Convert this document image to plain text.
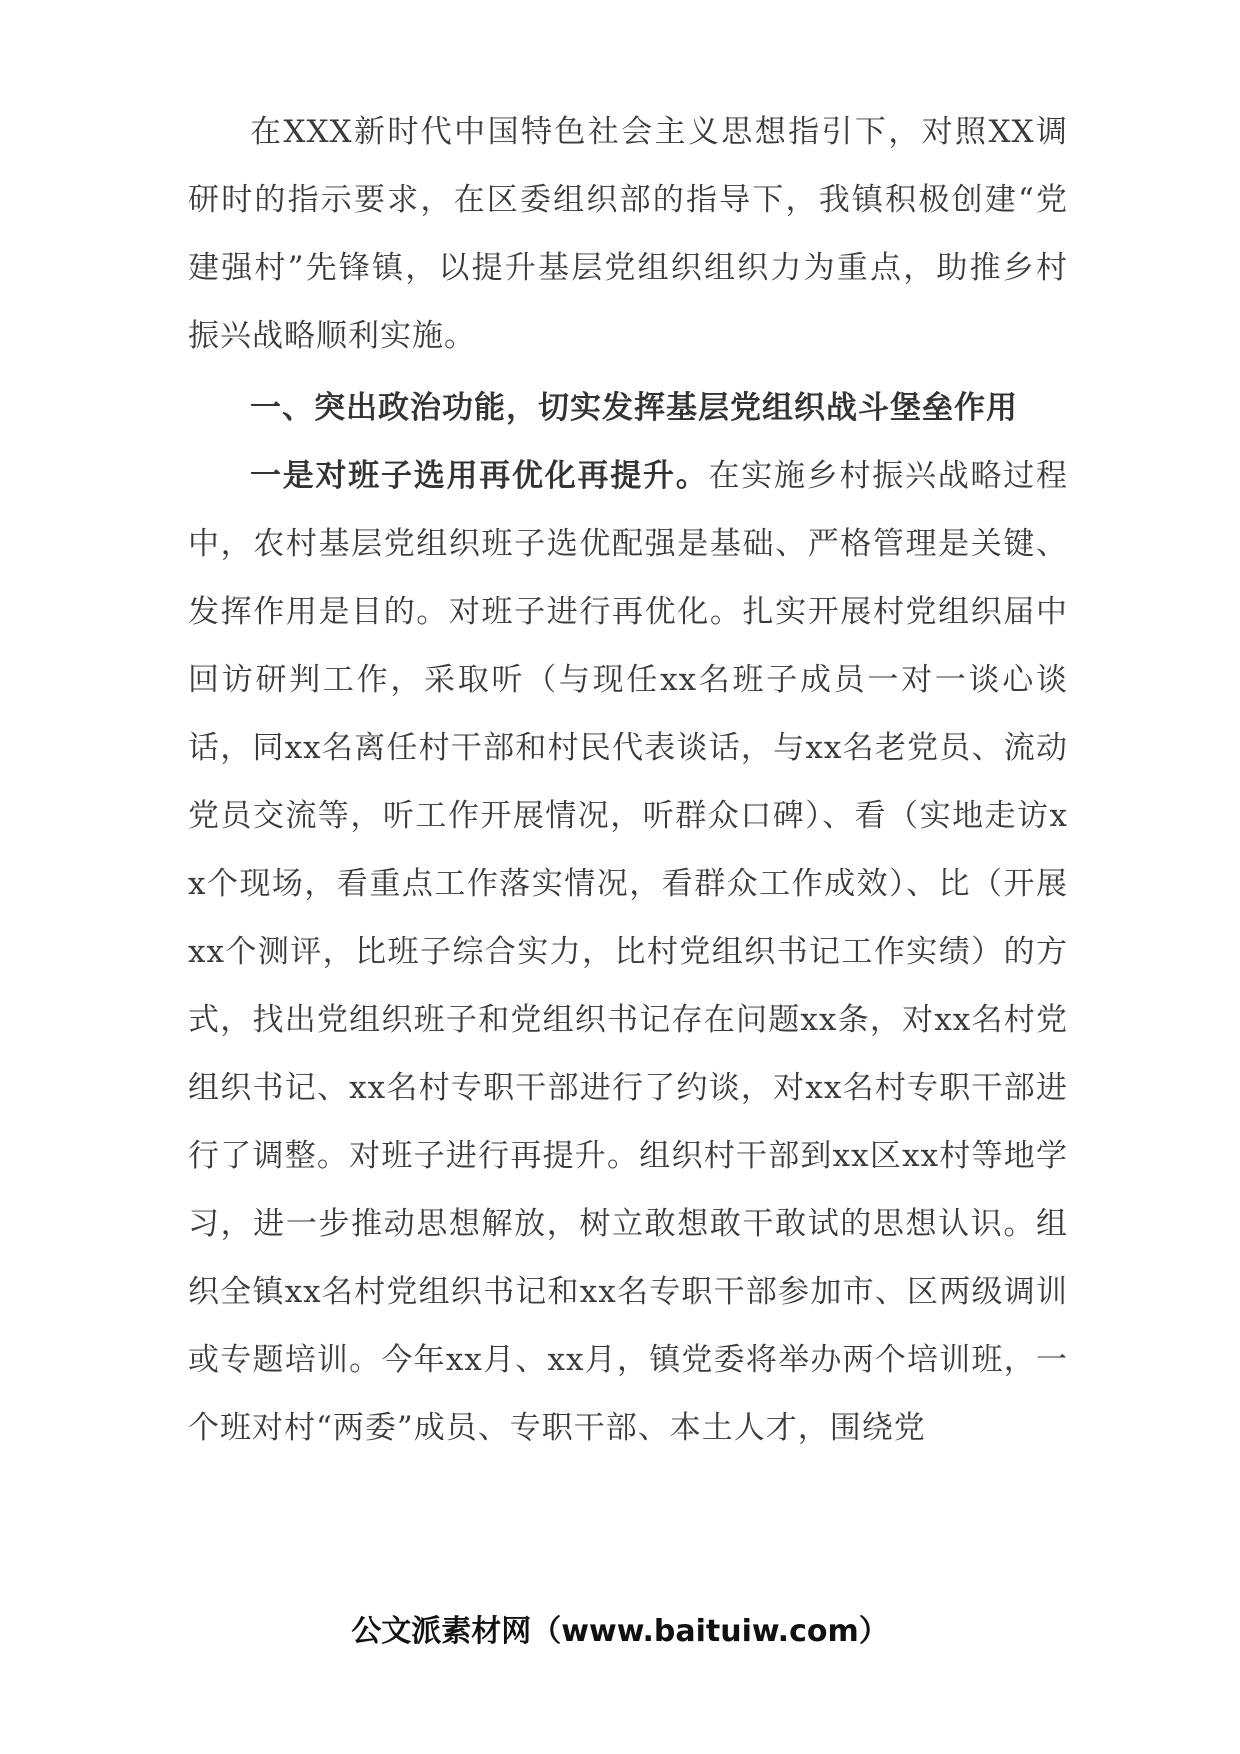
在XXX新时代中国特色社会主义思想指引下，对照XX调研时的指示要求，在区委组织部的指导下，我镇积极创建“党建强村”先锋镇，以提升基层党组织组织力为重点，助推乡村振兴战略顺利实施。

一、突出政治功能，切实发挥基层党组织战斗堡垒作用

一是对班子选用再优化再提升。在实施乡村振兴战略过程中，农村基层党组织班子选优配强是基础、严格管理是关键、发挥作用是目的。对班子进行再优化。扎实开展村党组织届中回访研判工作，采取听（与现任xx名班子成员一对一谈心谈话，同xx名离任村干部和村民代表谈话，与xx名老党员、流动党员交流等，听工作开展情况，听群众口碑）、看（实地走访xx个现场，看重点工作落实情况，看群众工作成效）、比（开展xx个测评，比班子综合实力，比村党组织书记工作实绩）的方式，找出党组织班子和党组织书记存在问题xx条，对xx名村党组织书记、xx名村专职干部进行了约谈，对xx名村专职干部进行了调整。对班子进行再提升。组织村干部到xx区xx村等地学习，进一步推动思想解放，树立敢想敢干敢试的思想认识。组织全镇xx名村党组织书记和xx名专职干部参加市、区两级调训或专题培训。今年xx月、xx月，镇党委将举办两个培训班，一个班对村“两委”成员、专职干部、本土人才，围绕党

公文派素材网（www.baituiw.com）
